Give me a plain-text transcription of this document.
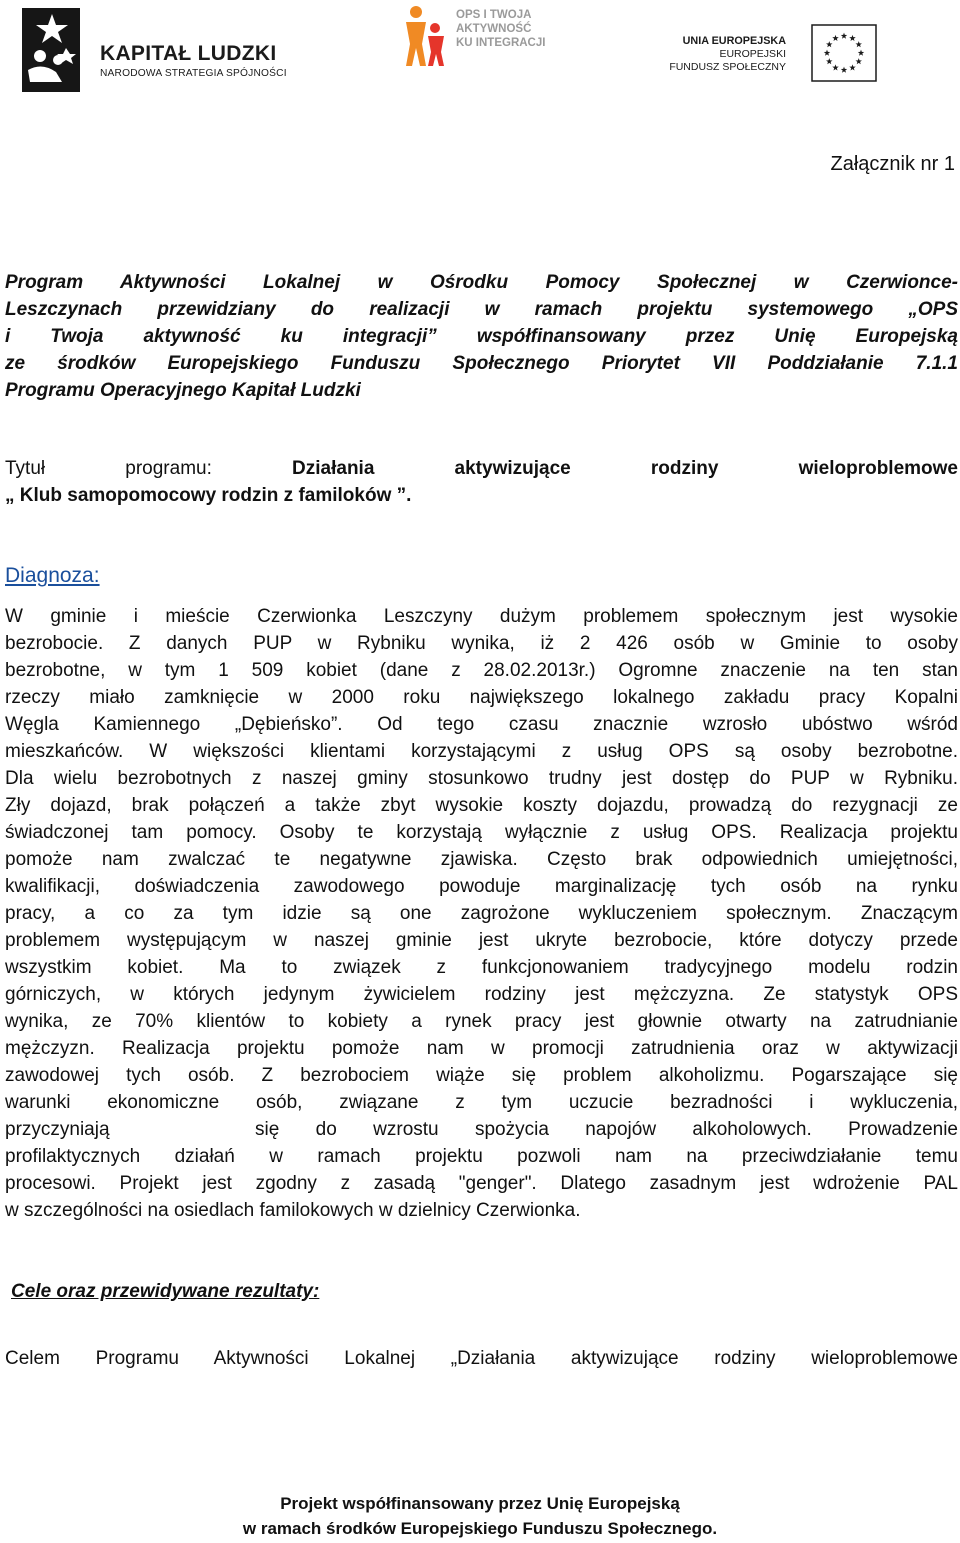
KAPITAŁ LUDZKI
NARODOWA STRATEGIA SPÓJNOŚCI
OPS I TWOJA
AKTYWNOŚĆ
KU INTEGRACJI	UNIA EUROPEJSKA
EUROPEJSKI
FUNDUSZ SPOŁECZNY
Załącznik nr 1
Program Aktywności Lokalnej w Ośrodku Pomocy Społecznej w Czerwionce-
Leszczynach przewidziany do realizacji w ramach projektu systemowego „OPS
i Twoja aktywność ku integracji” współfinansowany przez Unię Europejską
ze środków Europejskiego Funduszu Społecznego Priorytet VII Poddziałanie 7.1.1
Programu Operacyjnego Kapitał Ludzki
Tytuł programu:	Działania aktywizujące rodziny wieloproblemowe
„ Klub samopomocowy rodzin z familoków ”.
Diagnoza:
W gminie i mieście Czerwionka Leszczyny dużym problemem społecznym jest wysokie
bezrobocie. Z danych PUP w Rybniku wynika, iż 2 426 osób w Gminie to osoby
bezrobotne, w tym 1 509 kobiet (dane z 28.02.2013r.) Ogromne znaczenie na ten stan
rzeczy miało zamknięcie w 2000 roku największego lokalnego zakładu pracy Kopalni
Węgla Kamiennego „Dębieńsko”. Od tego czasu znacznie wzrosło ubóstwo wśród
mieszkańców. W większości klientami korzystającymi z usług OPS są osoby bezrobotne.
Dla wielu bezrobotnych z naszej gminy stosunkowo trudny jest dostęp do PUP w Rybniku.
Zły dojazd, brak połączeń a także zbyt wysokie koszty dojazdu, prowadzą do rezygnacji ze
świadczonej tam pomocy. Osoby te korzystają wyłącznie z usług OPS. Realizacja projektu
pomoże nam zwalczać te negatywne zjawiska. Często brak odpowiednich umiejętności,
kwalifikacji, doświadczenia zawodowego powoduje marginalizację tych osób na rynku
pracy, a co za tym idzie są one zagrożone wykluczeniem społecznym. Znaczącym
problemem występującym w naszej gminie jest ukryte bezrobocie, które dotyczy przede
wszystkim kobiet. Ma to związek z funkcjonowaniem tradycyjnego modelu rodzin
górniczych, w których jedynym żywicielem rodziny jest mężczyzna. Ze statystyk OPS
wynika, ze 70% klientów to kobiety a rynek pracy jest głownie otwarty na zatrudnianie
mężczyzn. Realizacja projektu pomoże nam w promocji zatrudnienia oraz w aktywizacji
zawodowej tych osób. Z bezrobociem wiąże się problem alkoholizmu. Pogarszające się
warunki ekonomiczne osób, związane z tym uczucie bezradności i wykluczenia,
przyczyniają    się do wzrostu spożycia napojów alkoholowych. Prowadzenie
profilaktycznych działań w ramach projektu pozwoli nam na przeciwdziałanie temu
procesowi. Projekt jest zgodny z zasadą "genger". Dlatego zasadnym jest wdrożenie PAL
w szczególności na osiedlach familokowych w dzielnicy Czerwionka.
Cele oraz przewidywane rezultaty:
Celem Programu Aktywności Lokalnej „Działania aktywizujące rodziny wieloproblemowe
Projekt współfinansowany przez Unię Europejską
w ramach środków Europejskiego Funduszu Społecznego.
